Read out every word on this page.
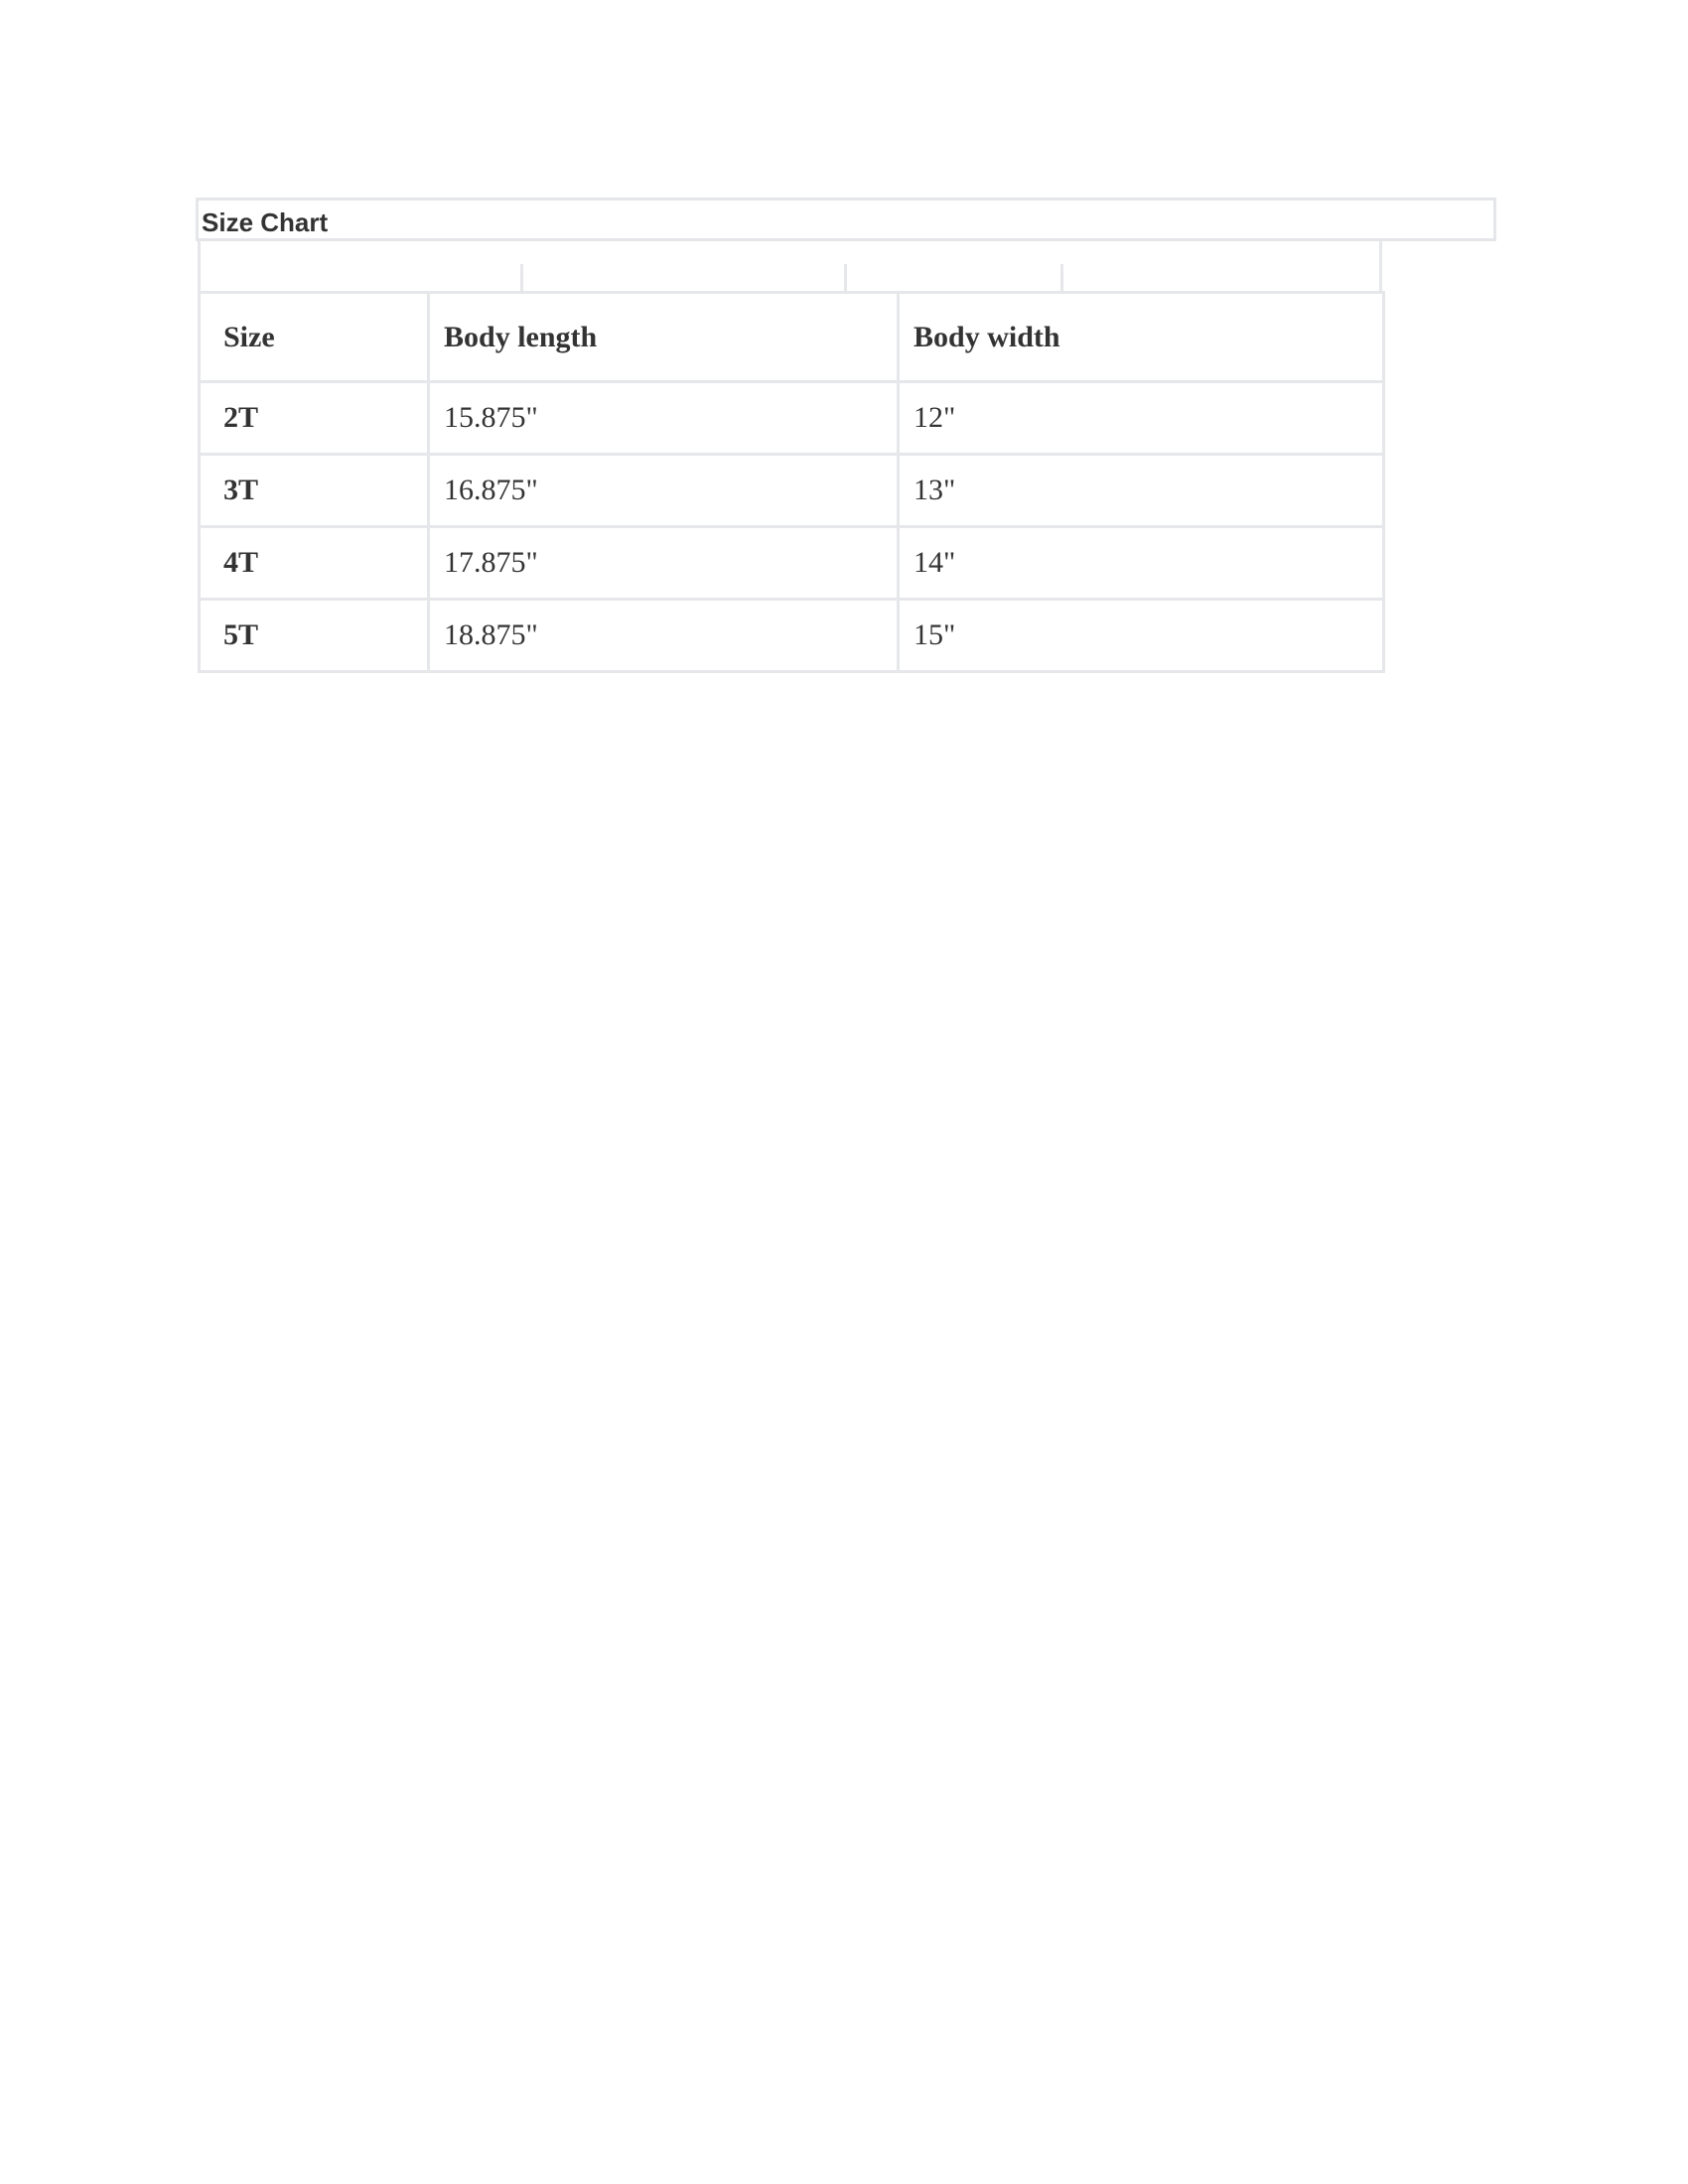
Size Chart
Size	Body length	Body width
2T	15.875"	12"
3T	16.875"	13"
4T	17.875"	14"
5T	18.875"	15"
